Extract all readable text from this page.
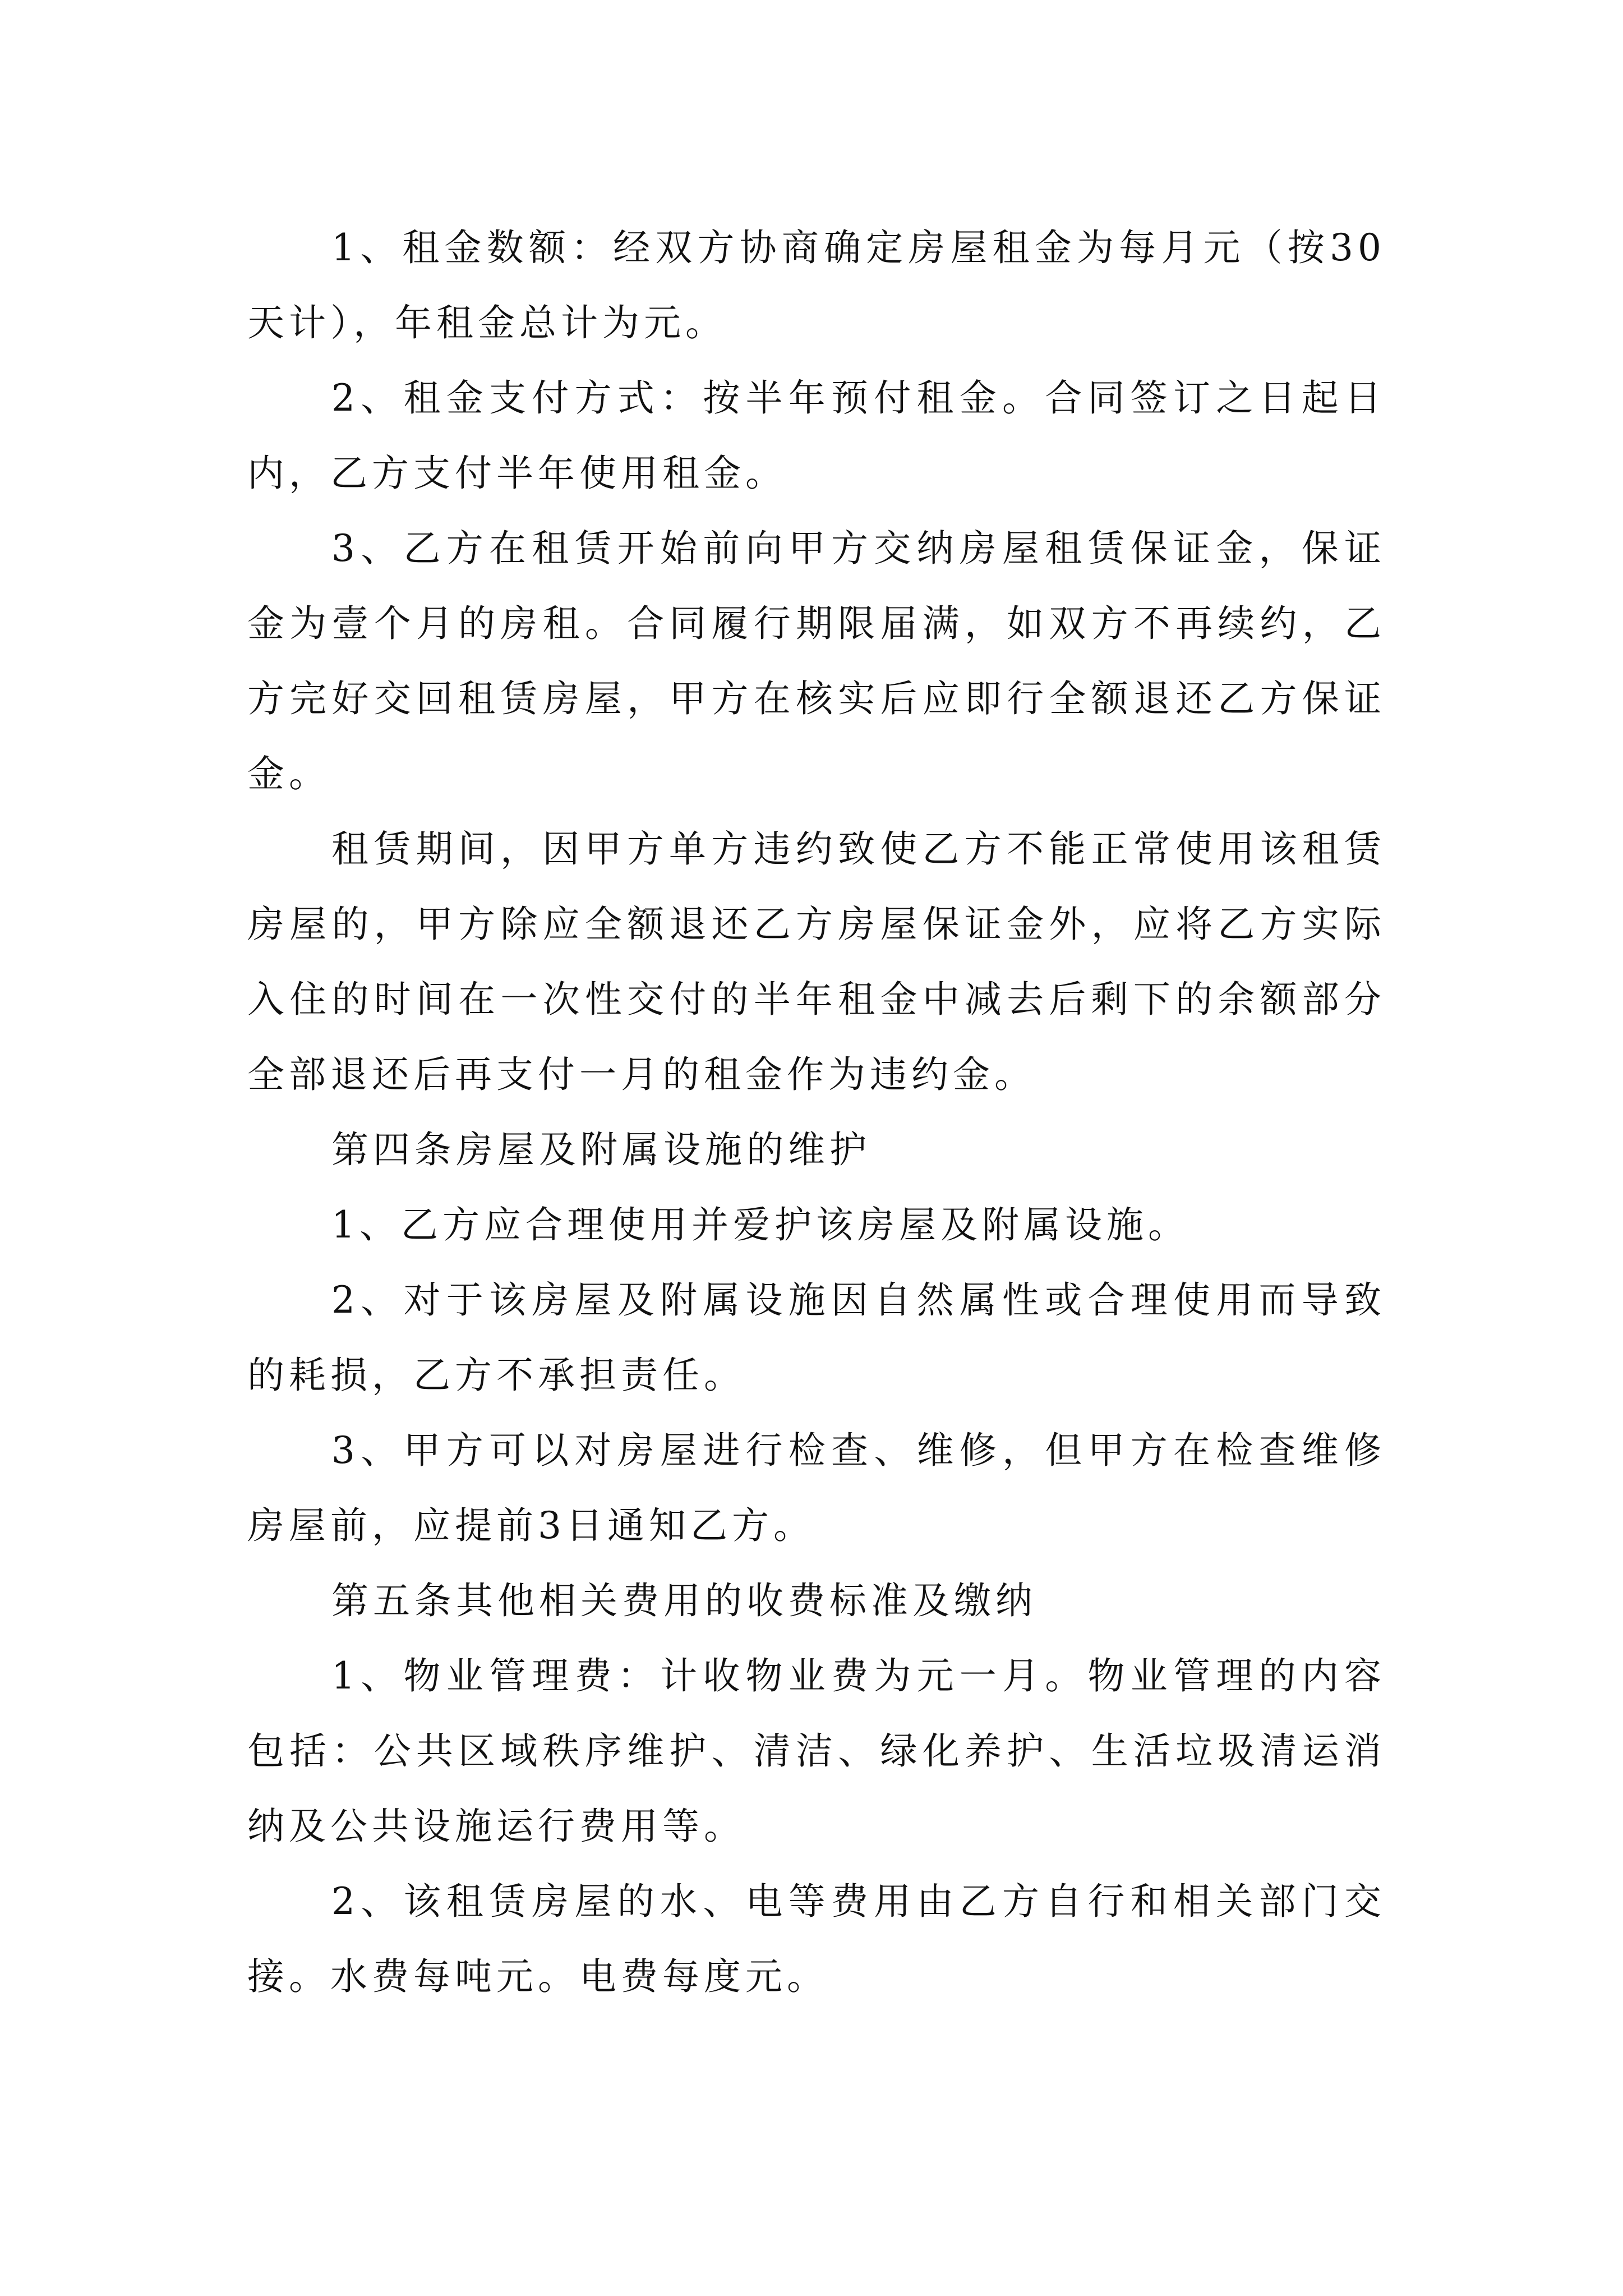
1、租金数额：经双方协商确定房屋租金为每月元（按30天计），年租金总计为元。

2、租金支付方式：按半年预付租金。合同签订之日起日内，乙方支付半年使用租金。

3、乙方在租赁开始前向甲方交纳房屋租赁保证金，保证金为壹个月的房租。合同履行期限届满，如双方不再续约，乙方完好交回租赁房屋，甲方在核实后应即行全额退还乙方保证金。

租赁期间，因甲方单方违约致使乙方不能正常使用该租赁房屋的，甲方除应全额退还乙方房屋保证金外，应将乙方实际入住的时间在一次性交付的半年租金中减去后剩下的余额部分全部退还后再支付一月的租金作为违约金。

第四条房屋及附属设施的维护

1、乙方应合理使用并爱护该房屋及附属设施。

2、对于该房屋及附属设施因自然属性或合理使用而导致的耗损，乙方不承担责任。

3、甲方可以对房屋进行检查、维修，但甲方在检查维修房屋前，应提前3日通知乙方。

第五条其他相关费用的收费标准及缴纳

1、物业管理费：计收物业费为元一月。物业管理的内容包括：公共区域秩序维护、清洁、绿化养护、生活垃圾清运消纳及公共设施运行费用等。

2、该租赁房屋的水、电等费用由乙方自行和相关部门交接。水费每吨元。电费每度元。
